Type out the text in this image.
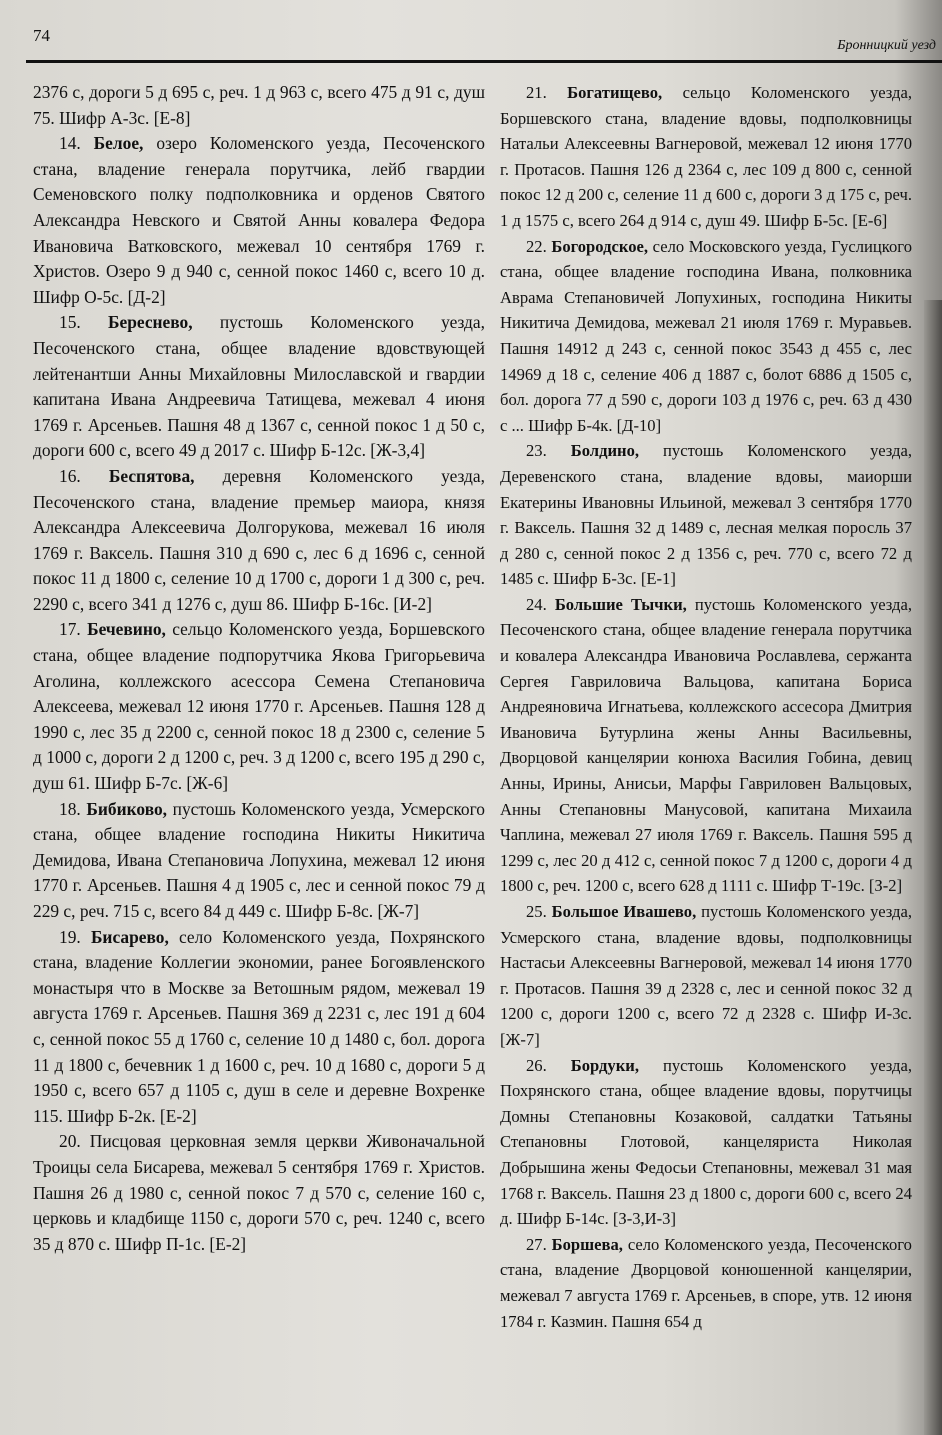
74
Бронницкий уезд

2376 с, дороги 5 д 695 с, реч. 1 д 963 с, всего 475 д 91 с, душ 75. Шифр А-3с. [Е-8]

14. Белое, озеро Коломенского уезда, Песоченского стана, владение генерала порутчика, лейб гвардии Семеновского полку подполковника и орденов Святого Александра Невского и Святой Анны ковалера Федора Ивановича Ватковского, межевал 10 сентября 1769 г. Христов. Озеро 9 д 940 с, сенной покос 1460 с, всего 10 д. Шифр О-5с. [Д-2]

15. Береснево, пустошь Коломенского уезда, Песоченского стана, общее владение вдовствующей лейтенантши Анны Михайловны Милославской и гвардии капитана Ивана Андреевича Татищева, межевал 4 июня 1769 г. Арсеньев. Пашня 48 д 1367 с, сенной покос 1 д 50 с, дороги 600 с, всего 49 д 2017 с. Шифр Б-12с. [Ж-3,4]

16. Беспятова, деревня Коломенского уезда, Песоченского стана, владение премьер маиора, князя Александра Алексеевича Долгорукова, межевал 16 июля 1769 г. Ваксель. Пашня 310 д 690 с, лес 6 д 1696 с, сенной покос 11 д 1800 с, селение 10 д 1700 с, дороги 1 д 300 с, реч. 2290 с, всего 341 д 1276 с, душ 86. Шифр Б-16с. [И-2]

17. Бечевино, сельцо Коломенского уезда, Боршевского стана, общее владение подпорутчика Якова Григорьевича Аголина, коллежского асессора Семена Степановича Алексеева, межевал 12 июня 1770 г. Арсеньев. Пашня 128 д 1990 с, лес 35 д 2200 с, сенной покос 18 д 2300 с, селение 5 д 1000 с, дороги 2 д 1200 с, реч. 3 д 1200 с, всего 195 д 290 с, душ 61. Шифр Б-7с. [Ж-6]

18. Бибиково, пустошь Коломенского уезда, Усмерского стана, общее владение господина Никиты Никитича Демидова, Ивана Степановича Лопухина, межевал 12 июня 1770 г. Арсеньев. Пашня 4 д 1905 с, лес и сенной покос 79 д 229 с, реч. 715 с, всего 84 д 449 с. Шифр Б-8с. [Ж-7]

19. Бисарево, село Коломенского уезда, Похрянского стана, владение Коллегии экономии, ранее Богоявленского монастыря что в Москве за Ветошным рядом, межевал 19 августа 1769 г. Арсеньев. Пашня 369 д 2231 с, лес 191 д 604 с, сенной покос 55 д 1760 с, селение 10 д 1480 с, бол. дорога 11 д 1800 с, бечевник 1 д 1600 с, реч. 10 д 1680 с, дороги 5 д 1950 с, всего 657 д 1105 с, душ в селе и деревне Вохренке 115. Шифр Б-2к. [Е-2]

20. Писцовая церковная земля церкви Живоначальной Троицы села Бисарева, межевал 5 сентября 1769 г. Христов. Пашня 26 д 1980 с, сенной покос 7 д 570 с, селение 160 с, церковь и кладбище 1150 с, дороги 570 с, реч. 1240 с, всего 35 д 870 с. Шифр П-1с. [Е-2]

21. Богатищево, сельцо Коломенского уезда, Боршевского стана, владение вдовы, подполковницы Натальи Алексеевны Вагнеровой, межевал 12 июня 1770 г. Протасов. Пашня 126 д 2364 с, лес 109 д 800 с, сенной покос 12 д 200 с, селение 11 д 600 с, дороги 3 д 175 с, реч. 1 д 1575 с, всего 264 д 914 с, душ 49. Шифр Б-5с. [Е-6]

22. Богородское, село Московского уезда, Гуслицкого стана, общее владение господина Ивана, полковника Аврама Степановичей Лопухиных, господина Никиты Никитича Демидова, межевал 21 июля 1769 г. Муравьев. Пашня 14912 д 243 с, сенной покос 3543 д 455 с, лес 14969 д 18 с, селение 406 д 1887 с, болот 6886 д 1505 с, бол. дорога 77 д 590 с, дороги 103 д 1976 с, реч. 63 д 430 с ... Шифр Б-4к. [Д-10]

23. Болдино, пустошь Коломенского уезда, Деревенского стана, владение вдовы, маиорши Екатерины Ивановны Ильиной, межевал 3 сентября 1770 г. Ваксель. Пашня 32 д 1489 с, лесная мелкая поросль 37 д 280 с, сенной покос 2 д 1356 с, реч. 770 с, всего 72 д 1485 с. Шифр Б-3с. [Е-1]

24. Большие Тычки, пустошь Коломенского уезда, Песоченского стана, общее владение генерала порутчика и ковалера Александра Ивановича Рославлева, сержанта Сергея Гавриловича Вальцова, капитана Бориса Андреяновича Игнатьева, коллежского ассесора Дмитрия Ивановича Бутурлина жены Анны Васильевны, Дворцовой канцелярии конюха Василия Гобина, девиц Анны, Ирины, Анисьи, Марфы Гавриловен Вальцовых, Анны Степановны Манусовой, капитана Михаила Чаплина, межевал 27 июля 1769 г. Ваксель. Пашня 595 д 1299 с, лес 20 д 412 с, сенной покос 7 д 1200 с, дороги 4 д 1800 с, реч. 1200 с, всего 628 д 1111 с. Шифр Т-19с. [З-2]

25. Большое Ивашево, пустошь Коломенского уезда, Усмерского стана, владение вдовы, подполковницы Настасьи Алексеевны Вагнеровой, межевал 14 июня 1770 г. Протасов. Пашня 39 д 2328 с, лес и сенной покос 32 д 1200 с, дороги 1200 с, всего 72 д 2328 с. Шифр И-3с. [Ж-7]

26. Бордуки, пустошь Коломенского уезда, Похрянского стана, общее владение вдовы, порутчицы Домны Степановны Козаковой, салдатки Татьяны Степановны Глотовой, канцеляриста Николая Добрышина жены Федосьи Степановны, межевал 31 мая 1768 г. Ваксель. Пашня 23 д 1800 с, дороги 600 с, всего 24 д. Шифр Б-14с. [З-3,И-3]

27. Боршева, село Коломенского уезда, Песоченского стана, владение Дворцовой конюшенной канцелярии, межевал 7 августа 1769 г. Арсеньев, в споре, утв. 12 июня 1784 г. Казмин. Пашня 654 д
